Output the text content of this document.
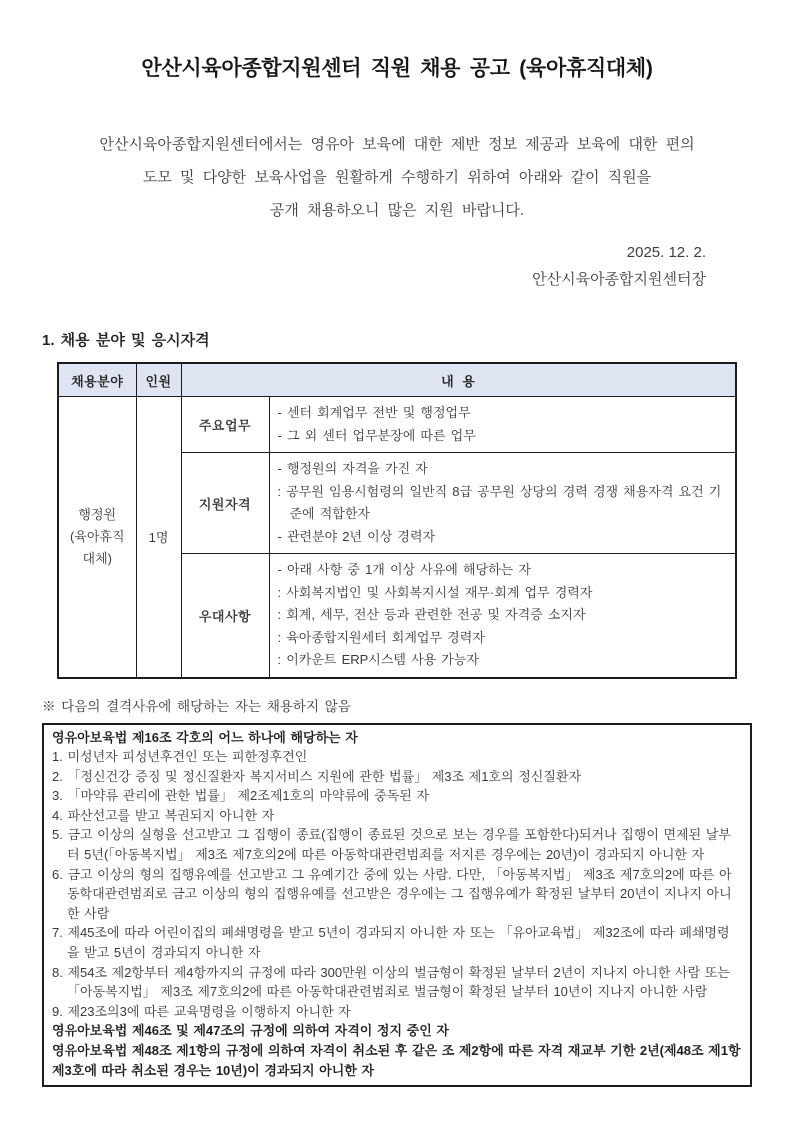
안산시육아종합지원센터 직원 채용 공고 (육아휴직대체)
안산시육아종합지원센터에서는 영유아 보육에 대한 제반 정보 제공과 보육에 대한 편의
도모 및 다양한 보육사업을 원활하게 수행하기 위하여 아래와 같이 직원을
공개 채용하오니 많은 지원 바랍니다.
2025. 12. 2.
안산시육아종합지원센터장
1. 채용 분야 및 응시자격
채용분야	인원	내  용	

행정원
(육아휴직
대체)
	1명	주요업무	
- 센터 회계업무 전반 및 행정업무
- 그 외 센터 업무분장에 따른 업무

		지원자격	- 행정원의 자격을 가진 자
: 공무원 임용시험령의 일반직 8급 공무원 상당의 경력 경쟁 채용자격 요건 기준에 적합한자
- 관련분야 2년 이상 경력자

		우대사항	- 아래 사항 중 1개 이상 사유에 해당하는 자
: 사회복지법인 및 사회복지시설 재무·회계 업무 경력자
: 회계, 세무, 전산 등과 관련한 전공 및 자격증 소지자
: 육아종합지원세터 회계업무 경력자
: 이카운트 ERP시스템 사용 가능자
※ 다음의 결격사유에 해당하는 자는 채용하지 않음
영유아보육법 제16조 각호의 어느 하나에 해당하는 자
1. 미성년자 피성년후견인 또는 피한정후견인
2. 「정신건강 증징 및 정신질환자 복지서비스 지원에 관한 법률」 제3조 제1호의 정신질환자
3. 「마약류 관리에 관한 법률」 제2조제1호의 마약류에 중독된 자
4. 파산선고를 받고 복권되지 아니한 자
5. 금고 이상의 실형을 선고받고 그 집행이 종료(집행이 종료된 것으로 보는 경우를 포함한다)되거나 집행이 면제된 날부터 5년(「아동복지법」 제3조 제7호의2에 따른 아동학대관련범죄를 저지른 경우에는 20년)이 경과되지 아니한 자
6. 금고 이상의 형의 집행유예를 선고받고 그 유예기간 중에 있는 사람. 다만, 「아동복지법」 제3조 제7호의2에 따른 아동학대관련범죄로 금고 이상의 형의 집행유예를 선고받은 경우에는 그 집행유예가 확정된 날부터 20년이 지나지 아니한 사람
7. 제45조에 따라 어린이집의 폐쇄명령을 받고 5년이 경과되지 아니한 자 또는 「유아교육법」 제32조에 따라 폐쇄명령을 받고 5년이 경과되지 아니한 자
8. 제54조 제2항부터 제4항까지의 규정에 따라 300만원 이상의 벌금형이 확정된 날부터 2년이 지나지 아니한 사람 또는 「아동복지법」 제3조 제7호의2에 따른 아동학대관련범죄로 벌금형이 확정된 날부터 10년이 지나지 아니한 사람
9. 제23조의3에 따른 교육명령을 이행하지 아니한 자
영유아보육법 제46조 및 제47조의 규정에 의하여 자격이 정지 중인 자
영유아보육법 제48조 제1항의 규정에 의하여 자격이 취소된 후 같은 조 제2항에 따른 자격 재교부 기한 2년(제48조 제1항 제3호에 따라 취소된 경우는 10년)이 경과되지 아니한 자
